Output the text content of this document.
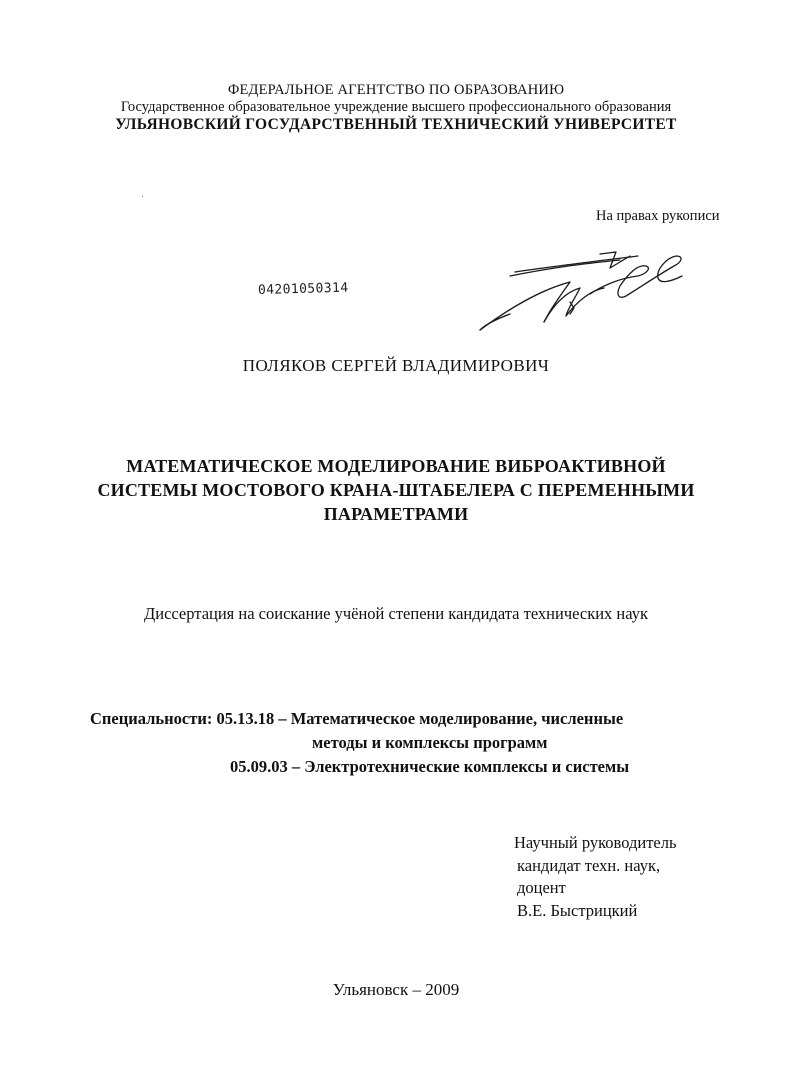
ФЕДЕРАЛЬНОЕ АГЕНТСТВО ПО ОБРАЗОВАНИЮ
Государственное образовательное учреждение высшего профессионального образования
УЛЬЯНОВСКИЙ ГОСУДАРСТВЕННЫЙ ТЕХНИЧЕСКИЙ УНИВЕРСИТЕТ
На правах рукописи
04201050314
ПОЛЯКОВ СЕРГЕЙ ВЛАДИМИРОВИЧ
МАТЕМАТИЧЕСКОЕ МОДЕЛИРОВАНИЕ ВИБРОАКТИВНОЙ
СИСТЕМЫ МОСТОВОГО КРАНА-ШТАБЕЛЕРА С ПЕРЕМЕННЫМИ
ПАРАМЕТРАМИ
Диссертация на соискание учёной степени кандидата технических наук
Специальности: 05.13.18 – Математическое моделирование, численные
методы и комплексы программ
05.09.03 – Электротехнические комплексы и системы
Научный руководитель
кандидат техн. наук,
доцент
В.Е. Быстрицкий
Ульяновск – 2009
